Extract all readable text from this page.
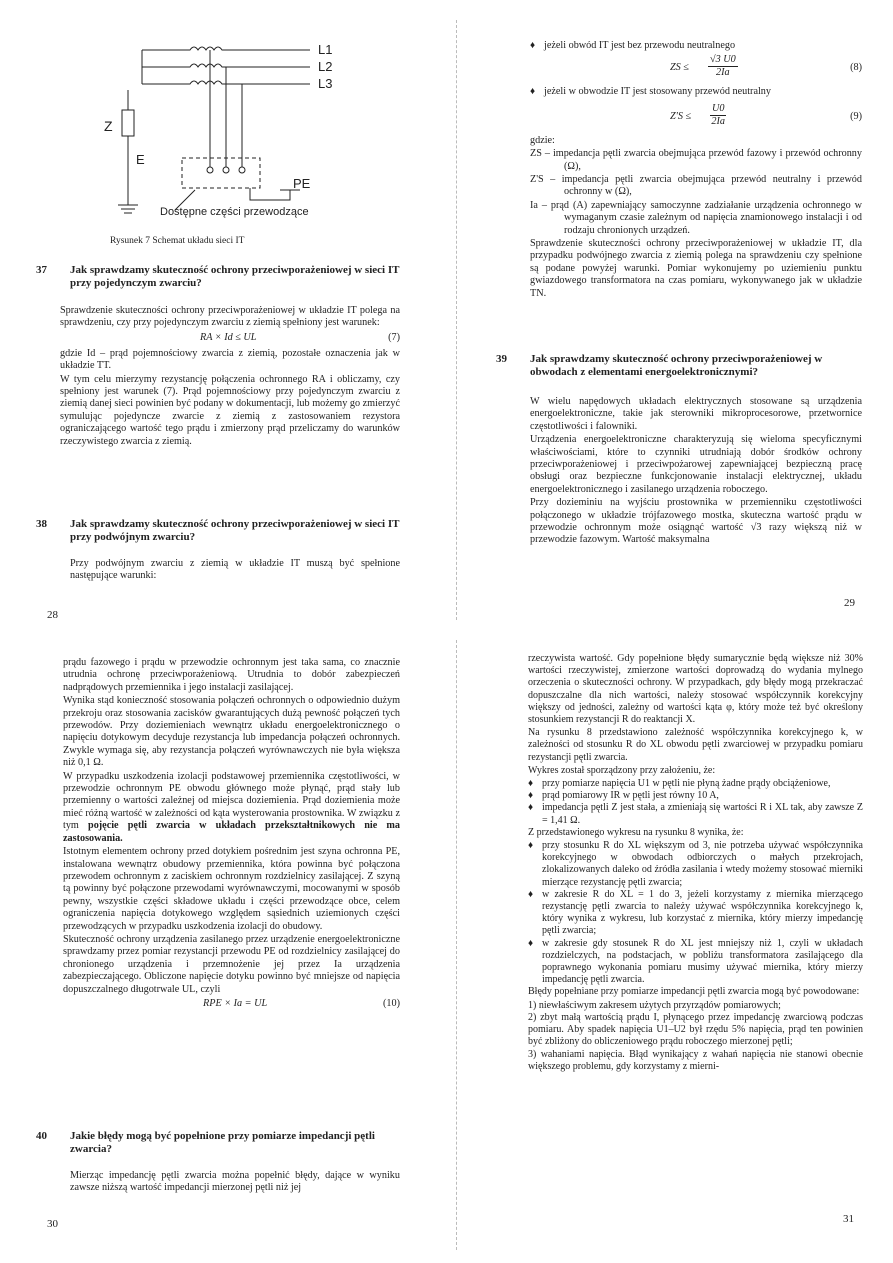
L1
L2
L3
Z
E
PE
Dostępne części przewodzące
Rysunek 7 Schemat układu sieci IT
37 Jak sprawdzamy skuteczność ochrony przeciwporażeniowej w sieci IT przy pojedynczym zwarciu?

Sprawdzenie skuteczności ochrony przeciwporażeniowej w układzie IT polega na sprawdzeniu, czy przy pojedynczym zwarciu z ziemią spełniony jest warunek:

RA × Id ≤ UL	(7)

gdzie Id – prąd pojemnościowy zwarcia z ziemią, pozostałe oznaczenia jak w układzie TT.

W tym celu mierzymy rezystancję połączenia ochronnego RA i obliczamy, czy spełniony jest warunek (7). Prąd pojemnościowy przy pojedynczym zwarciu z ziemią danej sieci powinien być podany w dokumentacji, lub możemy go zmierzyć symulując pojedyncze zwarcie z ziemią z zastosowaniem rezystora ograniczającego wartość tego prądu i zmierzony prąd przeliczamy do warunków rzeczywistego zwarcia z ziemią.

38 Jak sprawdzamy skuteczność ochrony przeciwporażeniowej w sieci IT przy podwójnym zwarciu?

Przy podwójnym zwarciu z ziemią w układzie IT muszą być spełnione następujące warunki:

28

♦ jeżeli obwód IT jest bez przewodu neutralnego

ZS ≤ $\frac{√3 U0}{2Ia}$	(8)

♦ jeżeli w obwodzie IT jest stosowany przewód neutralny

$Z'S \le \frac{U0}{2Ia}$	(9)

gdzie:

ZS – impedancja pętli zwarcia obejmująca przewód fazowy i przewód ochronny (Ω),

Z'S – impedancja pętli zwarcia obejmująca przewód neutralny i przewód ochronny w (Ω),

Ia – prąd (A) zapewniający samoczynne zadziałanie urządzenia ochronnego w wymaganym czasie zależnym od napięcia znamionowego instalacji i od rodzaju chronionych urządzeń.

Sprawdzenie skuteczności ochrony przeciwporażeniowej w układzie IT, dla przypadku podwójnego zwarcia z ziemią polega na sprawdzeniu czy spełnione są podane powyżej warunki. Pomiar wykonujemy po uziemieniu punktu gwiazdowego transformatora na czas pomiaru, wykonywanego jak w układzie TN.

39 Jak sprawdzamy skuteczność ochrony przeciwporażeniowej w obwodach z elementami energoelektronicznymi?

W wielu napędowych układach elektrycznych stosowane są urządzenia energoelektroniczne, takie jak sterowniki mikroprocesorowe, przetwornice częstotliwości i falowniki.

Urządzenia energoelektroniczne charakteryzują się wieloma specyficznymi właściwościami, które to czynniki utrudniają dobór środków ochrony przeciwporażeniowej i przeciwpożarowej zapewniającej bezpieczną pracę obsługi oraz bezpieczne funkcjonowanie instalacji elektrycznej, układu energoelektronicznego i zasilanego urządzenia roboczego.

Przy dozieminiu na wyjściu prostownika w przemienniku częstotliwości połączonego w układzie trójfazowego mostka, skuteczna wartość prądu w przewodzie ochronnym może osiągnąć wartość √3 razy większą niż w przewodzie fazowym. Wartość maksymalna

29

prądu fazowego i prądu w przewodzie ochronnym jest taka sama, co znacznie utrudnia ochronę przeciwporażeniową. Utrudnia to dobór zabezpieczeń nadprądowych przemiennika i jego instalacji zasilającej.

Wynika stąd konieczność stosowania połączeń ochronnych o odpowiednio dużym przekroju oraz stosowania zacisków gwarantujących dużą pewność połączeń tych przewodów. Przy doziemieniach wewnątrz układu energoelektronicznego o napięciu dotykowym decyduje rezystancja lub impedancja połączeń ochronnych. Zwykle wymaga się, aby rezystancja połączeń wyrównawczych nie była większa niż 0,1 Ω.

W przypadku uszkodzenia izolacji podstawowej przemiennika częstotliwości, w przewodzie ochronnym PE obwodu głównego może płynąć, prąd stały lub przemienny o wartości zależnej od miejsca doziemienia. Prąd doziemienia może mieć różną wartość w zależności od kąta wysterowania prostownika. W związku z tym pojęcie pętli zwarcia w układach przekształtnikowych nie ma zastosowania.

Istotnym elementem ochrony przed dotykiem pośrednim jest szyna ochronna PE, instalowana wewnątrz obudowy przemiennika, która powinna być połączona przewodem ochronnym z zaciskiem ochronnym rozdzielnicy zasilającej. Z szyną tą powinny być połączone przewodami wyrównawczymi, mocowanymi w sposób pewny, wszystkie części składowe układu i części przewodzące obce, celem ograniczenia napięcia dotykowego względem sąsiednich uziemionych części przewodzących w przypadku uszkodzenia izolacji do obudowy.

Skuteczność ochrony urządzenia zasilanego przez urządzenie energoelektroniczne sprawdzamy przez pomiar rezystancji przewodu PE od rozdzielnicy zasilającej do chronionego urządzenia i przemnożenie jej przez Ia urządzenia zabezpieczającego. Obliczone napięcie dotyku powinno być mniejsze od napięcia dopuszczalnego długotrwale UL, czyli

RPE × Ia = UL	(10)
40 Jakie błędy mogą być popełnione przy pomiarze impedancji pętli zwarcia?

Mierząc impedancję pętli zwarcia można popełnić błędy, dające w wyniku zawsze niższą wartość impedancji mierzonej pętli niż jej

30

rzeczywista wartość. Gdy popełnione błędy sumarycznie będą większe niż 30% wartości rzeczywistej, zmierzone wartości doprowadzą do wydania mylnego orzeczenia o skuteczności ochrony. W przypadkach, gdy błędy mogą przekraczać dopuszczalne dla nich wartości, należy stosować współczynnik korekcyjny większy od jedności, zależny od wartości kąta φ, który może też być określony stosunkiem rezystancji R do reaktancji X.

Na rysunku 8 przedstawiono zależność współczynnika korekcyjnego k, w zależności od stosunku R do XL obwodu pętli zwarciowej w przypadku pomiaru rezystancji pętli zwarcia.

Wykres został sporządzony przy założeniu, że:

♦ przy pomiarze napięcia U1 w pętli nie płyną żadne prądy obciążeniowe,

♦ prąd pomiarowy IR w pętli jest równy 10 A,

♦ impedancja pętli Z jest stała, a zmieniają się wartości R i XL tak, aby zawsze Z = 1,41 Ω.

Z przedstawionego wykresu na rysunku 8 wynika, że:

♦ przy stosunku R do XL większym od 3, nie potrzeba używać współczynnika korekcyjnego w obwodach odbiorczych o małych przekrojach, zlokalizowanych daleko od źródła zasilania i wtedy możemy stosować mierniki mierzące rezystancję pętli zwarcia;

♦ w zakresie R do XL = 1 do 3, jeżeli korzystamy z miernika mierzącego rezystancję pętli zwarcia to należy używać współczynnika korekcyjnego k, który wynika z wykresu, lub korzystać z miernika, który mierzy impedancję pętli zwarcia;

♦ w zakresie gdy stosunek R do XL jest mniejszy niż 1, czyli w układach rozdzielczych, na podstacjach, w pobliżu transformatora zasilającego dla poprawnego wykonania pomiaru musimy używać miernika, który mierzy impedancję pętli zwarcia.

Błędy popełniane przy pomiarze impedancji pętli zwarcia mogą być powodowane:

1) niewłaściwym zakresem użytych przyrządów pomiarowych;

2) zbyt małą wartością prądu I, płynącego przez impedancję zwarciową podczas pomiaru. Aby spadek napięcia U1–U2 był rzędu 5% napięcia, prąd ten powinien być zbliżony do obliczeniowego prądu roboczego mierzonej pętli;

3) wahaniami napięcia. Błąd wynikający z wahań napięcia nie stanowi obecnie większego problemu, gdy korzystamy z mierni-

31
